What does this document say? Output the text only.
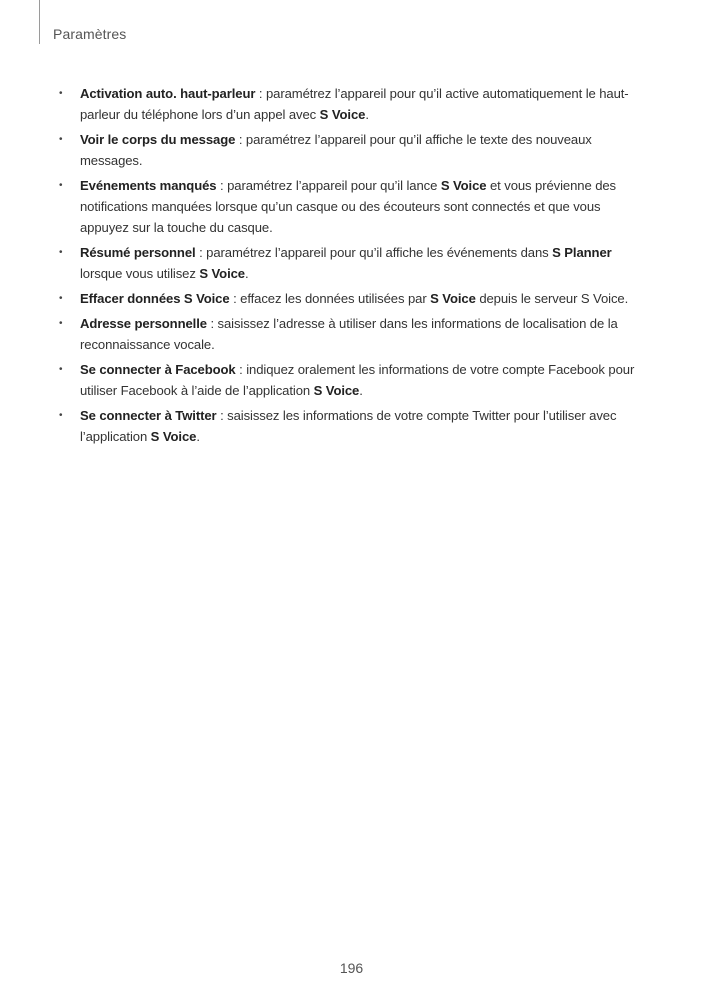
Paramètres
• Activation auto. haut-parleur : paramétrez l’appareil pour qu’il active automatiquement le haut-parleur du téléphone lors d’un appel avec S Voice.
• Voir le corps du message : paramétrez l’appareil pour qu’il affiche le texte des nouveaux messages.
• Evénements manqués : paramétrez l’appareil pour qu’il lance S Voice et vous prévienne des notifications manquées lorsque qu’un casque ou des écouteurs sont connectés et que vous appuyez sur la touche du casque.
• Résumé personnel : paramétrez l’appareil pour qu’il affiche les événements dans S Planner lorsque vous utilisez S Voice.
• Effacer données S Voice : effacez les données utilisées par S Voice depuis le serveur S Voice.
• Adresse personnelle : saisissez l’adresse à utiliser dans les informations de localisation de la reconnaissance vocale.
• Se connecter à Facebook : indiquez oralement les informations de votre compte Facebook pour utiliser Facebook à l’aide de l’application S Voice.
• Se connecter à Twitter : saisissez les informations de votre compte Twitter pour l’utiliser avec l’application S Voice.
196
